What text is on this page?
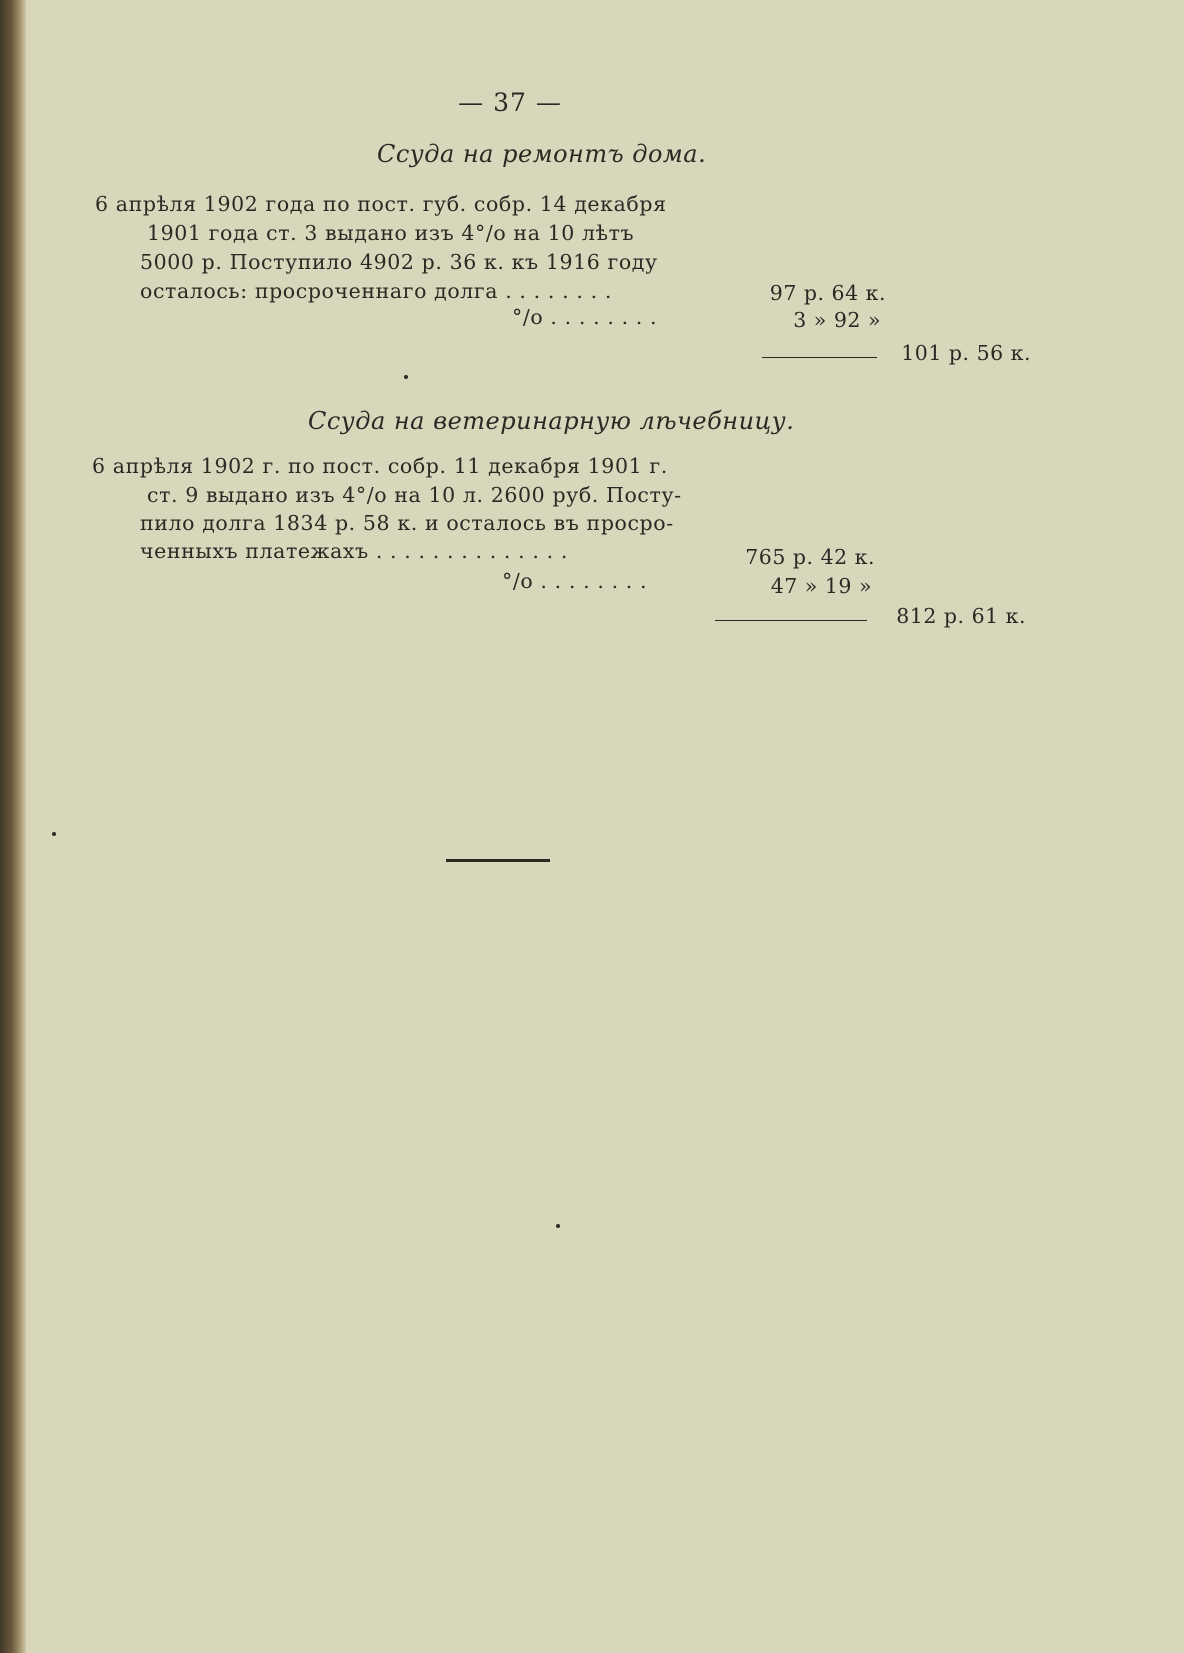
— 37 —
Ссуда на ремонтъ дома.
6 апрѣля 1902 года по пост. губ. собр. 14 декабря
1901 года ст. 3 выдано изъ 4°/о на 10 лѣтъ
5000 р. Поступило 4902 р. 36 к. къ 1916 году
осталось: просроченнаго долга . . . . . . . .
°/о . . . . . . . .
97 р. 64 к.
3 » 92 »
101 р. 56 к.
Ссуда на ветеринарную лѣчебницу.
6 апрѣля 1902 г. по пост. собр. 11 декабря 1901 г.
ст. 9 выдано изъ 4°/о на 10 л. 2600 руб. Посту-
пило долга 1834 р. 58 к. и осталось въ просро-
ченныхъ платежахъ . . . . . . . . . . . . . .
°/о . . . . . . . .
765 р. 42 к.
47 » 19 »
812 р. 61 к.
